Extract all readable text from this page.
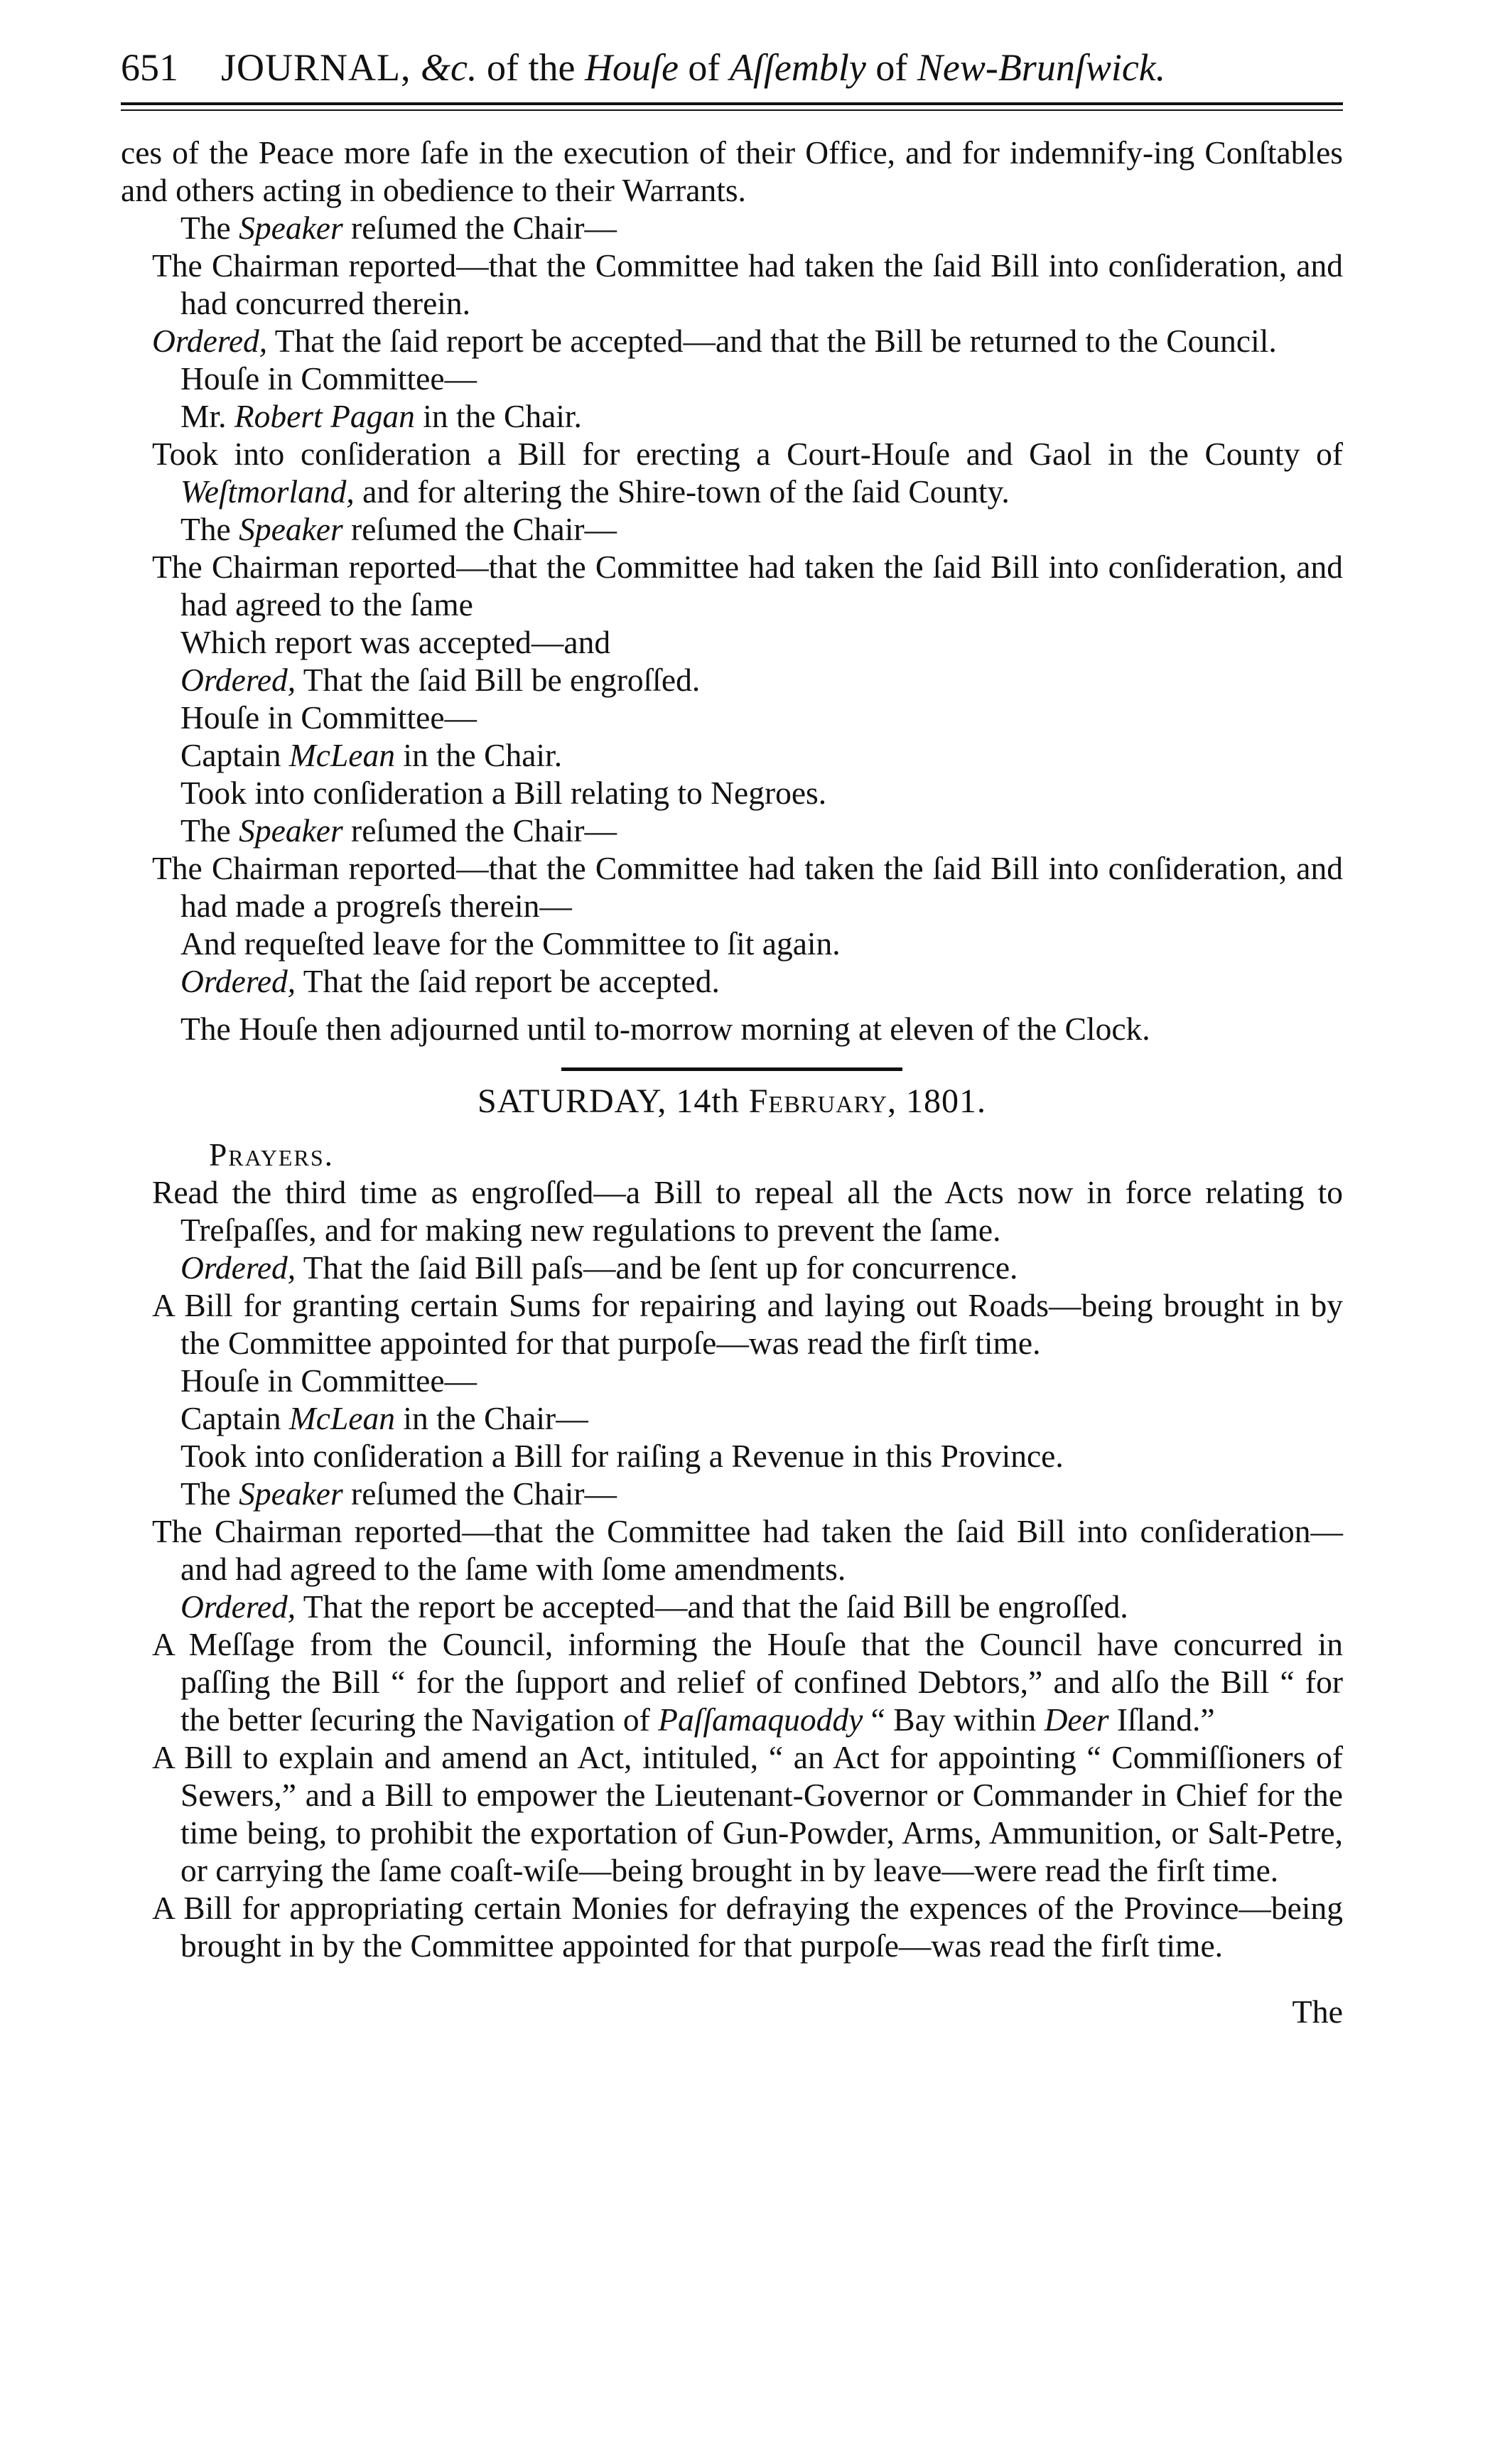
651 JOURNAL, &c. of the Houſe of Aſſembly of New-Brunſwick.

ces of the Peace more ſafe in the execution of their Office, and for indemnify-ing Conſtables and others acting in obedience to their Warrants.

The Speaker reſumed the Chair—

The Chairman reported—that the Committee had taken the ſaid Bill into conſideration, and had concurred therein.

Ordered, That the ſaid report be accepted—and that the Bill be returned to the Council.

Houſe in Committee—

Mr. Robert Pagan in the Chair.

Took into conſideration a Bill for erecting a Court-Houſe and Gaol in the County of Weſtmorland, and for altering the Shire-town of the ſaid County.

The Speaker reſumed the Chair—

The Chairman reported—that the Committee had taken the ſaid Bill into conſideration, and had agreed to the ſame

Which report was accepted—and

Ordered, That the ſaid Bill be engroſſed.

Houſe in Committee—

Captain McLean in the Chair.

Took into conſideration a Bill relating to Negroes.

The Speaker reſumed the Chair—

The Chairman reported—that the Committee had taken the ſaid Bill into conſideration, and had made a progreſs therein—

And requeſted leave for the Committee to ſit again.

Ordered, That the ſaid report be accepted.

The Houſe then adjourned until to-morrow morning at eleven of the Clock.

SATURDAY, 14th February, 1801.

Prayers.

Read the third time as engroſſed—a Bill to repeal all the Acts now in force relating to Treſpaſſes, and for making new regulations to prevent the ſame.

Ordered, That the ſaid Bill paſs—and be ſent up for concurrence.

A Bill for granting certain Sums for repairing and laying out Roads—being brought in by the Committee appointed for that purpoſe—was read the firſt time.

Houſe in Committee—

Captain McLean in the Chair—

Took into conſideration a Bill for raiſing a Revenue in this Province.

The Speaker reſumed the Chair—

The Chairman reported—that the Committee had taken the ſaid Bill into conſideration—and had agreed to the ſame with ſome amendments.

Ordered, That the report be accepted—and that the ſaid Bill be engroſſed.

A Meſſage from the Council, informing the Houſe that the Council have concurred in paſſing the Bill “ for the ſupport and relief of confined Debtors,” and alſo the Bill “ for the better ſecuring the Navigation of Paſſamaquoddy “ Bay within Deer Iſland.”

A Bill to explain and amend an Act, intituled, “ an Act for appointing “ Commiſſioners of Sewers,” and a Bill to empower the Lieutenant-Governor or Commander in Chief for the time being, to prohibit the exportation of Gun-Powder, Arms, Ammunition, or Salt-Petre, or carrying the ſame coaſt-wiſe—being brought in by leave—were read the firſt time.

A Bill for appropriating certain Monies for defraying the expences of the Province—being brought in by the Committee appointed for that purpoſe—was read the firſt time.

The
